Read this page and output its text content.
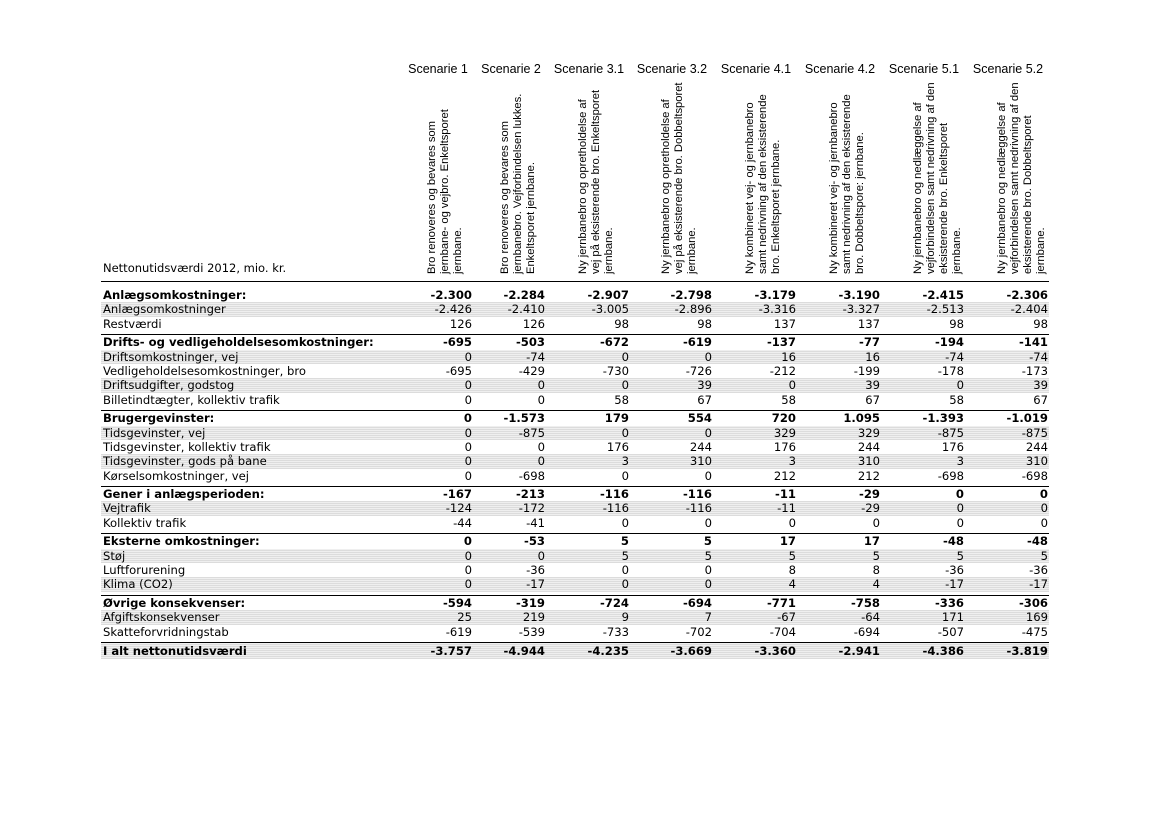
Scenarie 1	Scenarie 2	Scenarie 3.1	Scenarie 3.2	Scenarie 4.1	Scenarie 4.2	Scenarie 5.1	Scenarie 5.2
Bro renoveres og bevares som jernbane- og vejbro. Enkeltsporet jernbane.	Bro renoveres og bevares som jernbanebro. Vejforbindelsen lukkes. Enkeltsporet jernbane.	Ny jernbanebro og opretholdelse af vej på eksisterende bro. Enkeltsporet jernbane.	Ny jernbanebro og opretholdelse af vej på eksisterende bro. Dobbeltsporet jernbane.	Ny kombineret vej- og jernbanebro samt nedrivning af den eksisterende bro. Enkeltsporet jernbane.	Ny kombineret vej- og jernbanebro samt nedrivning af den eksisterende bro. Dobbeltspore: jernbane.	Ny jernbanebro og nedlæggelse af vejforbindelsen samt nedrivning af den eksisterende bro. Enkeltsporet jernbane.	Ny jernbanebro og nedlæggelse af vejforbindelsen samt nedrivning af den eksisterende bro. Dobbeltsporet jernbane.
Nettonutidsværdi 2012, mio. kr.
Anlægsomkostninger:	-2.300	-2.284	-2.907	-2.798	-3.179	-3.190	-2.415	-2.306
Anlægsomkostninger	-2.426	-2.410	-3.005	-2.896	-3.316	-3.327	-2.513	-2.404
Restværdi	126	126	98	98	137	137	98	98
Drifts- og vedligeholdelsesomkostninger:	-695	-503	-672	-619	-137	-77	-194	-141
Driftsomkostninger, vej	0	-74	0	0	16	16	-74	-74
Vedligeholdelsesomkostninger, bro	-695	-429	-730	-726	-212	-199	-178	-173
Driftsudgifter, godstog	0	0	0	39	0	39	0	39
Billetindtægter, kollektiv trafik	0	0	58	67	58	67	58	67
Brugergevinster:	0	-1.573	179	554	720	1.095	-1.393	-1.019
Tidsgevinster, vej	0	-875	0	0	329	329	-875	-875
Tidsgevinster, kollektiv trafik	0	0	176	244	176	244	176	244
Tidsgevinster, gods på bane	0	0	3	310	3	310	3	310
Kørselsomkostninger, vej	0	-698	0	0	212	212	-698	-698
Gener i anlægsperioden:	-167	-213	-116	-116	-11	-29	0	0
Vejtrafik	-124	-172	-116	-116	-11	-29	0	0
Kollektiv trafik	-44	-41	0	0	0	0	0	0
Eksterne omkostninger:	0	-53	5	5	17	17	-48	-48
Støj	0	0	5	5	5	5	5	5
Luftforurening	0	-36	0	0	8	8	-36	-36
Klima (CO2)	0	-17	0	0	4	4	-17	-17
Øvrige konsekvenser:	-594	-319	-724	-694	-771	-758	-336	-306
Afgiftskonsekvenser	25	219	9	7	-67	-64	171	169
Skatteforvridningstab	-619	-539	-733	-702	-704	-694	-507	-475
I alt nettonutidsværdi	-3.757	-4.944	-4.235	-3.669	-3.360	-2.941	-4.386	-3.819
